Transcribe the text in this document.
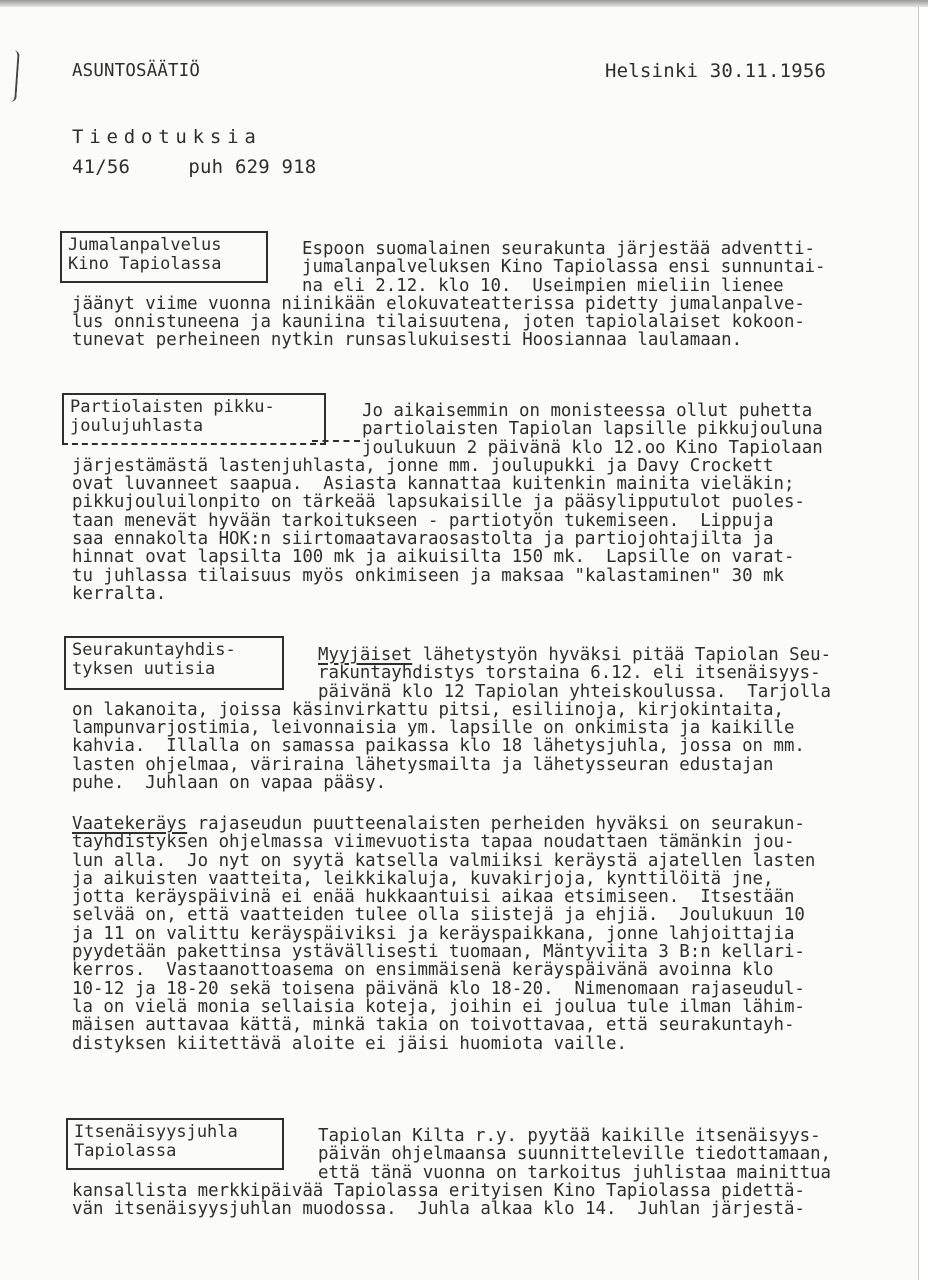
ASUNTOSÄÄTIÖ	Helsinki 30.11.1956
Tiedotuksia
41/56     puh 629 918
Jumalanpalvelus
Kino Tapiolassa
Espoon suomalainen seurakunta järjestää adventti-
jumalanpalveluksen Kino Tapiolassa ensi sunnuntai-
na eli 2.12. klo 10.  Useimpien mieliin lienee
jäänyt viime vuonna niinikään elokuvateatterissa pidetty jumalanpalve-
lus onnistuneena ja kauniina tilaisuutena, joten tapiolalaiset kokoon-
tunevat perheineen nytkin runsaslukuisesti Hoosiannaa laulamaan.
Partiolaisten pikku-
joulujuhlasta
Jo aikaisemmin on monisteessa ollut puhetta
partiolaisten Tapiolan lapsille pikkujouluna
joulukuun 2 päivänä klo 12.oo Kino Tapiolaan
järjestämästä lastenjuhlasta, jonne mm. joulupukki ja Davy Crockett
ovat luvanneet saapua.  Asiasta kannattaa kuitenkin mainita vieläkin;
pikkujouluilonpito on tärkeää lapsukaisille ja pääsylipputulot puoles-
taan menevät hyvään tarkoitukseen - partiotyön tukemiseen.  Lippuja
saa ennakolta HOK:n siirtomaatavaraosastolta ja partiojohtajilta ja
hinnat ovat lapsilta 100 mk ja aikuisilta 150 mk.  Lapsille on varat-
tu juhlassa tilaisuus myös onkimiseen ja maksaa "kalastaminen" 30 mk
kerralta.
Seurakuntayhdis-
tyksen uutisia
Myyjäiset lähetystyön hyväksi pitää Tapiolan Seu-
rakuntayhdistys torstaina 6.12. eli itsenäisyys-
päivänä klo 12 Tapiolan yhteiskoulussa.  Tarjolla
on lakanoita, joissa käsinvirkattu pitsi, esiliinoja, kirjokintaita,
lampunvarjostimia, leivonnaisia ym. lapsille on onkimista ja kaikille
kahvia.  Illalla on samassa paikassa klo 18 lähetysjuhla, jossa on mm.
lasten ohjelmaa, väriraina lähetysmailta ja lähetysseuran edustajan
puhe.  Juhlaan on vapaa pääsy.
Vaatekeräys rajaseudun puutteenalaisten perheiden hyväksi on seurakun-
tayhdistyksen ohjelmassa viimevuotista tapaa noudattaen tämänkin jou-
lun alla.  Jo nyt on syytä katsella valmiiksi keräystä ajatellen lasten
ja aikuisten vaatteita, leikkikaluja, kuvakirjoja, kynttilöitä jne,
jotta keräyspäivinä ei enää hukkaantuisi aikaa etsimiseen.  Itsestään
selvää on, että vaatteiden tulee olla siistejä ja ehjiä.  Joulukuun 10
ja 11 on valittu keräyspäiviksi ja keräyspaikkana, jonne lahjoittajia
pyydetään pakettinsa ystävällisesti tuomaan, Mäntyviita 3 B:n kellari-
kerros.  Vastaanottoasema on ensimmäisenä keräyspäivänä avoinna klo
10-12 ja 18-20 sekä toisena päivänä klo 18-20.  Nimenomaan rajaseudul-
la on vielä monia sellaisia koteja, joihin ei joulua tule ilman lähim-
mäisen auttavaa kättä, minkä takia on toivottavaa, että seurakuntayh-
distyksen kiitettävä aloite ei jäisi huomiota vaille.
Itsenäisyysjuhla
Tapiolassa
Tapiolan Kilta r.y. pyytää kaikille itsenäisyys-
päivän ohjelmaansa suunnitteleville tiedottamaan,
että tänä vuonna on tarkoitus juhlistaa mainittua
kansallista merkkipäivää Tapiolassa erityisen Kino Tapiolassa pidettä-
vän itsenäisyysjuhlan muodossa.  Juhla alkaa klo 14.  Juhlan järjestä-
